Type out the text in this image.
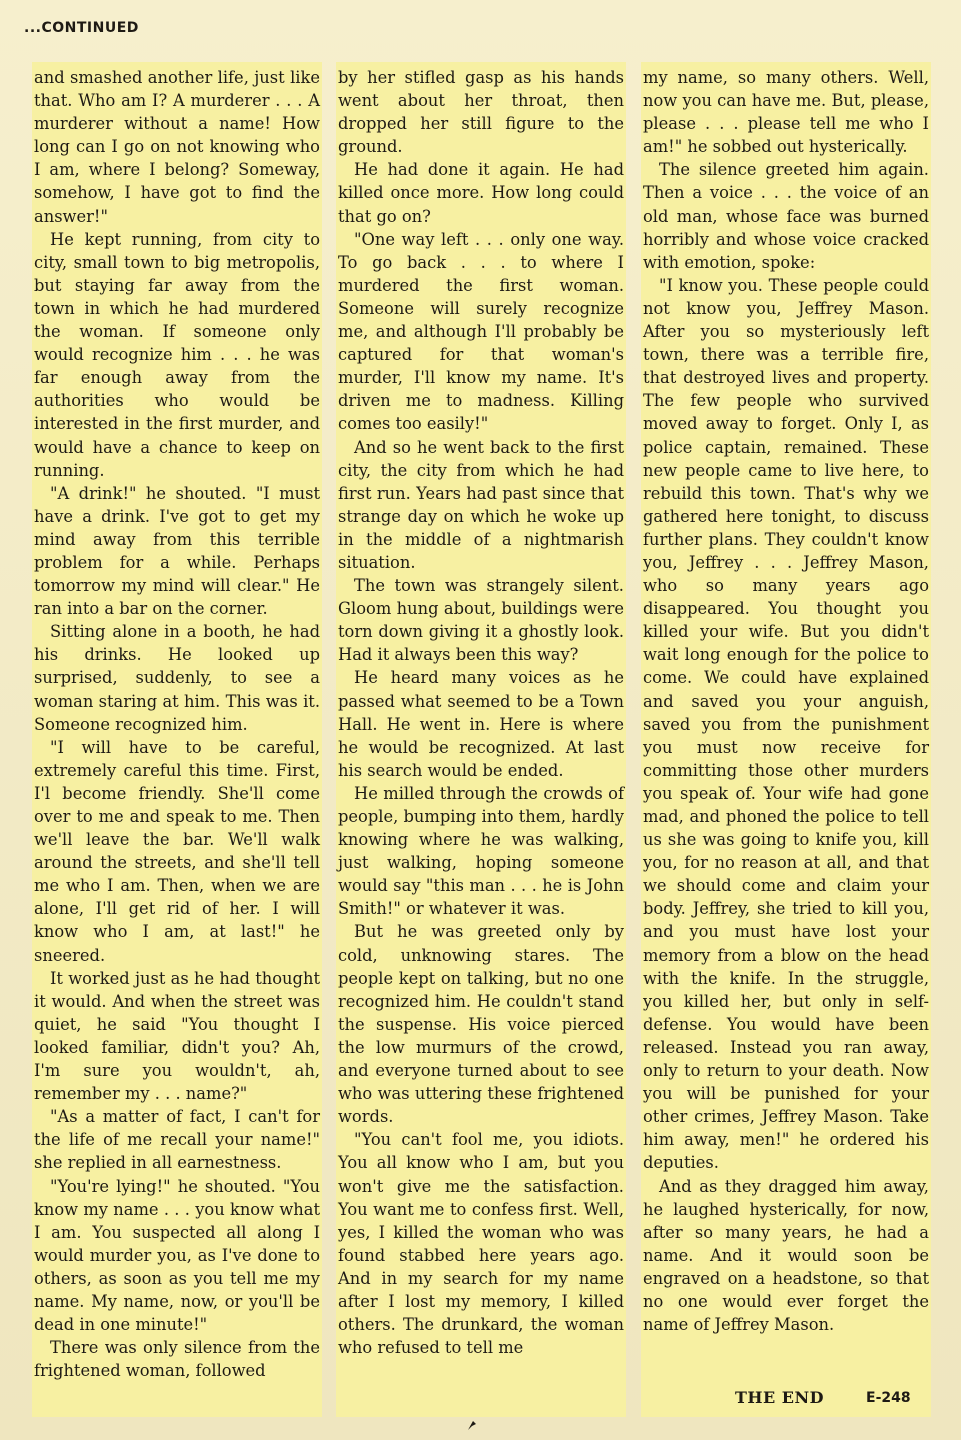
...CONTINUED

and smashed another life, just like that. Who am I? A murderer . . . A murderer without a name! How long can I go on not knowing who I am, where I belong? Someway, somehow, I have got to find the answer!"

He kept running, from city to city, small town to big metropolis, but staying far away from the town in which he had murdered the woman. If someone only would recognize him . . . he was far enough away from the authorities who would be interested in the first murder, and would have a chance to keep on running.

"A drink!" he shouted. "I must have a drink. I've got to get my mind away from this terrible problem for a while. Perhaps tomorrow my mind will clear." He ran into a bar on the corner.

Sitting alone in a booth, he had his drinks. He looked up surprised, suddenly, to see a woman staring at him. This was it. Someone recognized him.

"I will have to be careful, extremely careful this time. First, I'l become friendly. She'll come over to me and speak to me. Then we'll leave the bar. We'll walk around the streets, and she'll tell me who I am. Then, when we are alone, I'll get rid of her. I will know who I am, at last!" he sneered.

It worked just as he had thought it would. And when the street was quiet, he said "You thought I looked familiar, didn't you? Ah, I'm sure you wouldn't, ah, remember my . . . name?"

"As a matter of fact, I can't for the life of me recall your name!" she replied in all earnestness.

"You're lying!" he shouted. "You know my name . . . you know what I am. You suspected all along I would murder you, as I've done to others, as soon as you tell me my name. My name, now, or you'll be dead in one minute!"

There was only silence from the frightened woman, followed

by her stifled gasp as his hands went about her throat, then dropped her still figure to the ground.

He had done it again. He had killed once more. How long could that go on?

"One way left . . . only one way. To go back . . . to where I murdered the first woman. Someone will surely recognize me, and although I'll probably be captured for that woman's murder, I'll know my name. It's driven me to madness. Killing comes too easily!"

And so he went back to the first city, the city from which he had first run. Years had past since that strange day on which he woke up in the middle of a nightmarish situation.

The town was strangely silent. Gloom hung about, buildings were torn down giving it a ghostly look. Had it always been this way?

He heard many voices as he passed what seemed to be a Town Hall. He went in. Here is where he would be recognized. At last his search would be ended.

He milled through the crowds of people, bumping into them, hardly knowing where he was walking, just walking, hoping someone would say "this man . . . he is John Smith!" or whatever it was.

But he was greeted only by cold, unknowing stares. The people kept on talking, but no one recognized him. He couldn't stand the suspense. His voice pierced the low murmurs of the crowd, and everyone turned about to see who was uttering these frightened words.

"You can't fool me, you idiots. You all know who I am, but you won't give me the satisfaction. You want me to confess first. Well, yes, I killed the woman who was found stabbed here years ago. And in my search for my name after I lost my memory, I killed others. The drunkard, the woman who refused to tell me

my name, so many others. Well, now you can have me. But, please, please . . . please tell me who I am!" he sobbed out hysterically.

The silence greeted him again. Then a voice . . . the voice of an old man, whose face was burned horribly and whose voice cracked with emotion, spoke:

"I know you. These people could not know you, Jeffrey Mason. After you so mysteriously left town, there was a terrible fire, that destroyed lives and property. The few people who survived moved away to forget. Only I, as police captain, remained. These new people came to live here, to rebuild this town. That's why we gathered here tonight, to discuss further plans. They couldn't know you, Jeffrey . . . Jeffrey Mason, who so many years ago disappeared. You thought you killed your wife. But you didn't wait long enough for the police to come. We could have explained and saved you your anguish, saved you from the punishment you must now receive for committing those other murders you speak of. Your wife had gone mad, and phoned the police to tell us she was going to knife you, kill you, for no reason at all, and that we should come and claim your body. Jeffrey, she tried to kill you, and you must have lost your memory from a blow on the head with the knife. In the struggle, you killed her, but only in self-defense. You would have been released. Instead you ran away, only to return to your death. Now you will be punished for your other crimes, Jeffrey Mason. Take him away, men!" he ordered his deputies.

And as they dragged him away, he laughed hysterically, for now, after so many years, he had a name. And it would soon be engraved on a headstone, so that no one would ever forget the name of Jeffrey Mason.

THE END	E-248
